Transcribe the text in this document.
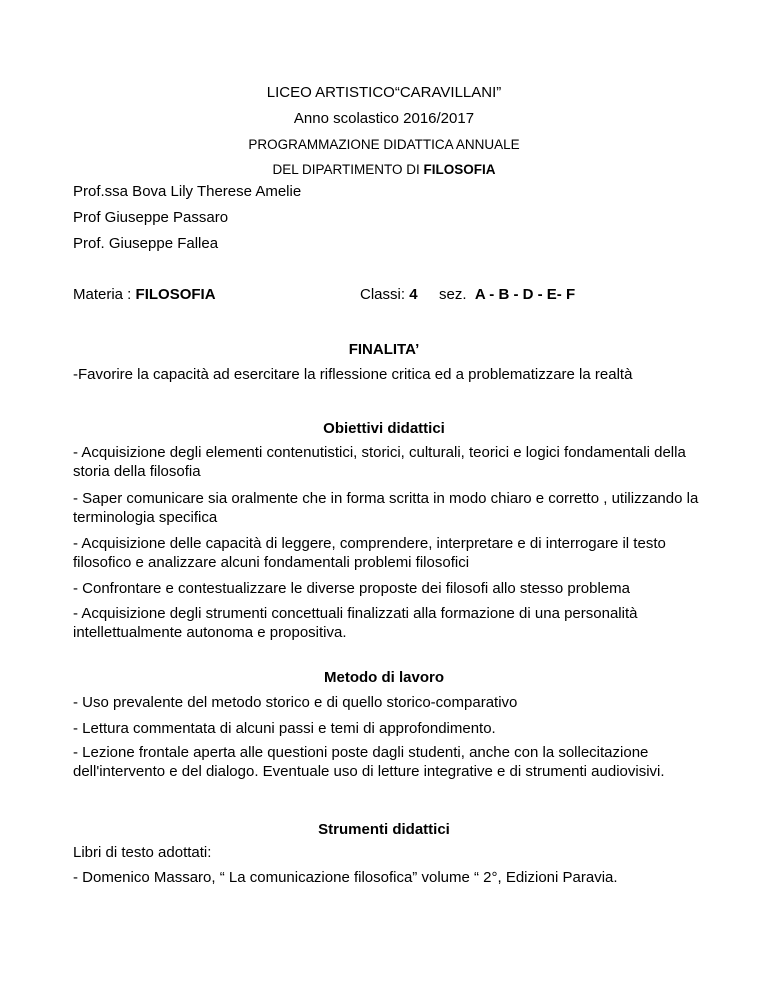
LICEO ARTISTICO“CARAVILLANI”
Anno scolastico 2016/2017
PROGRAMMAZIONE DIDATTICA ANNUALE
DEL DIPARTIMENTO DI FILOSOFIA
Prof.ssa Bova Lily Therese Amelie
Prof Giuseppe Passaro
Prof. Giuseppe Fallea
Materia : FILOSOFIA	Classi: 4 sez. A - B - D - E- F
FINALITA’
-Favorire la capacità ad esercitare la riflessione critica ed a problematizzare la realtà
Obiettivi didattici
- Acquisizione degli elementi contenutistici, storici, culturali, teorici e logici fondamentali della storia della filosofia
- Saper comunicare sia oralmente che in forma scritta in modo chiaro e corretto , utilizzando la terminologia specifica
- Acquisizione delle capacità di leggere, comprendere, interpretare e di interrogare il testo filosofico e analizzare alcuni fondamentali problemi filosofici
- Confrontare e contestualizzare le diverse proposte dei filosofi allo stesso problema
- Acquisizione degli strumenti concettuali finalizzati alla formazione di una personalità intellettualmente autonoma e propositiva.
Metodo di lavoro
- Uso prevalente del metodo storico e di quello storico-comparativo
- Lettura commentata di alcuni passi e temi di approfondimento.
- Lezione frontale aperta alle questioni poste dagli studenti, anche con la sollecitazione dell'intervento e del dialogo. Eventuale uso di letture integrative e di strumenti audiovisivi.
Strumenti didattici
Libri di testo adottati:
- Domenico Massaro, “ La comunicazione filosofica” volume “ 2°, Edizioni Paravia.
